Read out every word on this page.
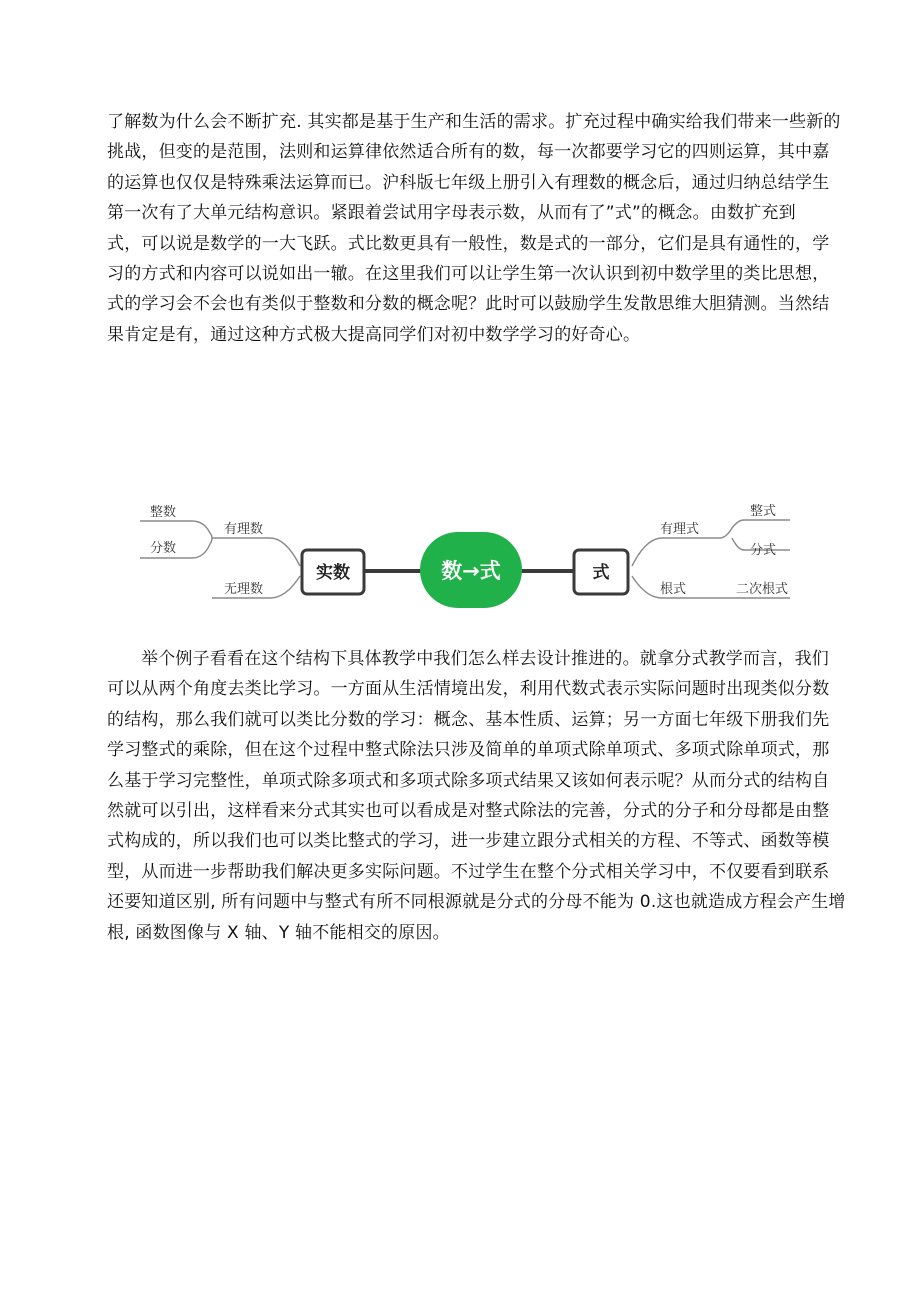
了解数为什么会不断扩充. 其实都是基于生产和生活的需求。扩充过程中确实给我们带来一些新的
挑战，但变的是范围，法则和运算律依然适合所有的数，每一次都要学习它的四则运算，其中嘉
的运算也仅仅是特殊乘法运算而已。沪科版七年级上册引入有理数的概念后，通过归纳总结学生
第一次有了大单元结构意识。紧跟着尝试用字母表示数，从而有了”式”的概念。由数扩充到
式，可以说是数学的一大飞跃。式比数更具有一般性，数是式的一部分，它们是具有通性的，学
习的方式和内容可以说如出一辙。在这里我们可以让学生第一次认识到初中数学里的类比思想，
式的学习会不会也有类似于整数和分数的概念呢？此时可以鼓励学生发散思维大胆猜测。当然结
果肯定是有，通过这种方式极大提高同学们对初中数学学习的好奇心。
实数	数→式	式
整数
分数
有理数
无理数
有理式
根式
整式
分式
二次根式
举个例子看看在这个结构下具体教学中我们怎么样去设计推进的。就拿分式教学而言，我们
可以从两个角度去类比学习。一方面从生活情境出发，利用代数式表示实际问题时出现类似分数
的结构，那么我们就可以类比分数的学习：概念、基本性质、运算；另一方面七年级下册我们先
学习整式的乘除，但在这个过程中整式除法只涉及简单的单项式除单项式、多项式除单项式，那
么基于学习完整性，单项式除多项式和多项式除多项式结果又该如何表示呢？从而分式的结构自
然就可以引出，这样看来分式其实也可以看成是对整式除法的完善，分式的分子和分母都是由整
式构成的，所以我们也可以类比整式的学习，进一步建立跟分式相关的方程、不等式、函数等模
型，从而进一步帮助我们解决更多实际问题。不过学生在整个分式相关学习中，不仅要看到联系
还要知道区别, 所有问题中与整式有所不同根源就是分式的分母不能为 0.这也就造成方程会产生增
根, 函数图像与 X 轴、Y 轴不能相交的原因。
